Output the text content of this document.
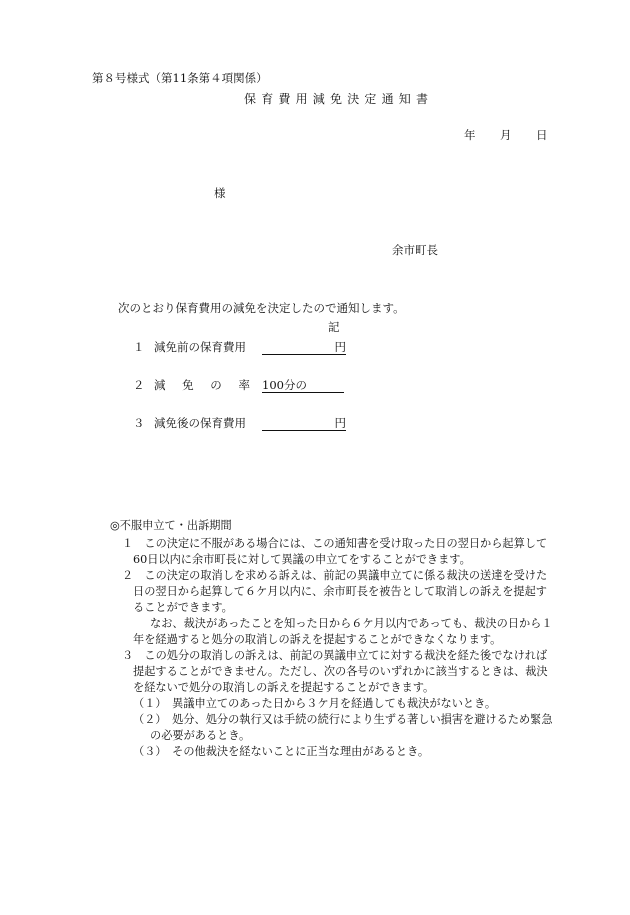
第８号様式（第11条第４項関係）
保育費用減免決定通知書
年 月 日
様
余市町長
次のとおり保育費用の減免を決定したので通知します。
記
１ 減免前の保育費用	円
２ 減 免 の 率 100分の
３ 減免後の保育費用	円
◎不服申立て・出訴期間
１　この決定に不服がある場合には、この通知書を受け取った日の翌日から起算して
60日以内に余市町長に対して異議の申立てをすることができます。
２　この決定の取消しを求める訴えは、前記の異議申立てに係る裁決の送達を受けた
日の翌日から起算して６ケ月以内に、余市町長を被告として取消しの訴えを提起す
ることができます。
なお、裁決があったことを知った日から６ケ月以内であっても、裁決の日から１
年を経過すると処分の取消しの訴えを提起することができなくなります。
３　この処分の取消しの訴えは、前記の異議申立てに対する裁決を経た後でなければ
提起することができません。ただし、次の各号のいずれかに該当するときは、裁決
を経ないで処分の取消しの訴えを提起することができます。
（１）　異議申立てのあった日から３ケ月を経過しても裁決がないとき。
（２）　処分、処分の執行又は手続の続行により生ずる著しい損害を避けるため緊急
の必要があるとき。
（３）　その他裁決を経ないことに正当な理由があるとき。
